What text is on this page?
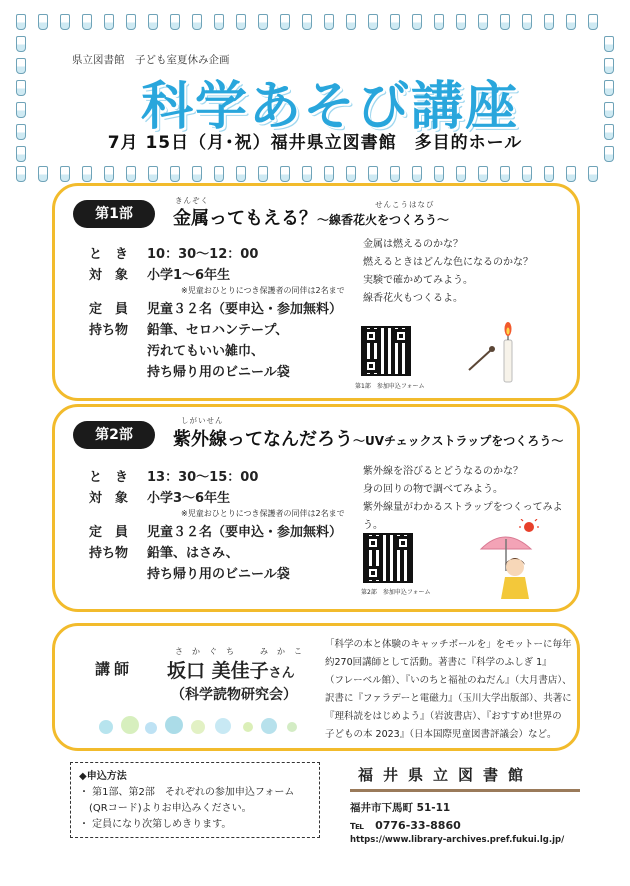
県立図書館　子ども室夏休み企画
科学あそび講座
7月 15日（月･祝）福井県立図書館　多目的ホール
第1部
きんぞく	せんこうはなび
金属ってもえる？～線香花火をつくろう～
と　き	10：30～12：00
対　象	小学1～6年生
※児童おひとりにつき保護者の同伴は2名まで
定　員	児童３２名（要申込・参加無料）
持ち物	鉛筆、セロハンテープ、
汚れてもいい雑巾、
持ち帰り用のビニール袋
金属は燃えるのかな？
燃えるときはどんな色になるのかな？
実験で確かめてみよう。
線香花火もつくるよ。
第1部　参加申込フォーム
第2部
しがいせん
紫外線ってなんだろう～UVチェックストラップをつくろう～
と　き	13：30～15：00
対　象	小学3～6年生
※児童おひとりにつき保護者の同伴は2名まで
定　員	児童３２名（要申込・参加無料）
持ち物	鉛筆、はさみ、
持ち帰り用のビニール袋
紫外線を浴びるとどうなるのかな？
身の回りの物で調べてみよう。
紫外線量がわかるストラップをつくってみよう。
第2部　参加申込フォーム
さかぐち　みかこ
講師 坂口 美佳子さん
（科学読物研究会）
「科学の本と体験のキャッチボールを」をモットーに毎年
約270回講師として活動。著書に『科学のふしぎ 1』
（フレーベル館）、『いのちと福祉のねだん』（大月書店）、
訳書に『ファラデーと電磁力』（玉川大学出版部）、共著に
『理科読をはじめよう』（岩波書店）、『おすすめ!世界の
子どもの本 2023』（日本国際児童図書評議会）など。
◆申込方法
・ 第1部、第2部　それぞれの参加申込フォーム
　(QRコード)よりお申込みください。
・ 定員になり次第しめきります。
福井県立図書館
福井市下馬町 51-11
℡　0776-33-8860
https://www.library-archives.pref.fukui.lg.jp/
